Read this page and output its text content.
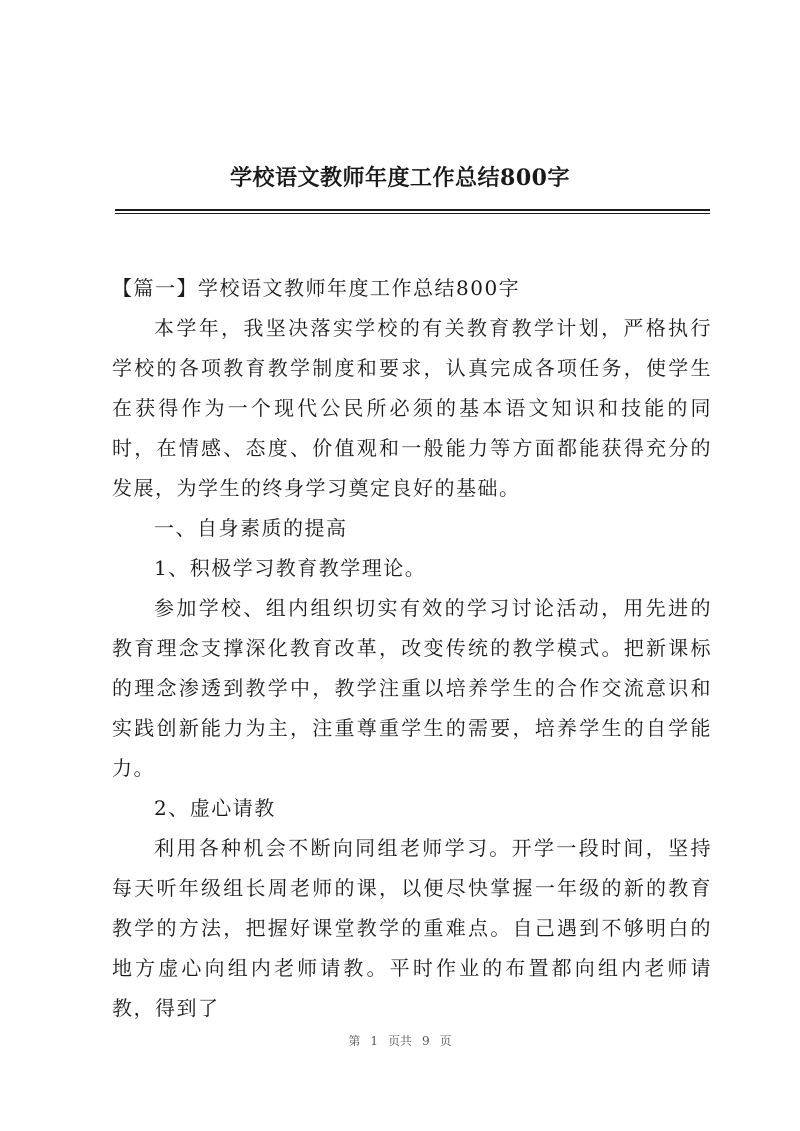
学校语文教师年度工作总结800字

【篇一】学校语文教师年度工作总结800字

本学年，我坚决落实学校的有关教育教学计划，严格执行学校的各项教育教学制度和要求，认真完成各项任务，使学生在获得作为一个现代公民所必须的基本语文知识和技能的同时，在情感、态度、价值观和一般能力等方面都能获得充分的发展，为学生的终身学习奠定良好的基础。

一、自身素质的提高

1、积极学习教育教学理论。

参加学校、组内组织切实有效的学习讨论活动，用先进的教育理念支撑深化教育改革，改变传统的教学模式。把新课标的理念渗透到教学中，教学注重以培养学生的合作交流意识和实践创新能力为主，注重尊重学生的需要，培养学生的自学能力。

2、虚心请教

利用各种机会不断向同组老师学习。开学一段时间，坚持每天听年级组长周老师的课，以便尽快掌握一年级的新的教育教学的方法，把握好课堂教学的重难点。自己遇到不够明白的地方虚心向组内老师请教。平时作业的布置都向组内老师请教，得到了

第 1 页共 9 页
